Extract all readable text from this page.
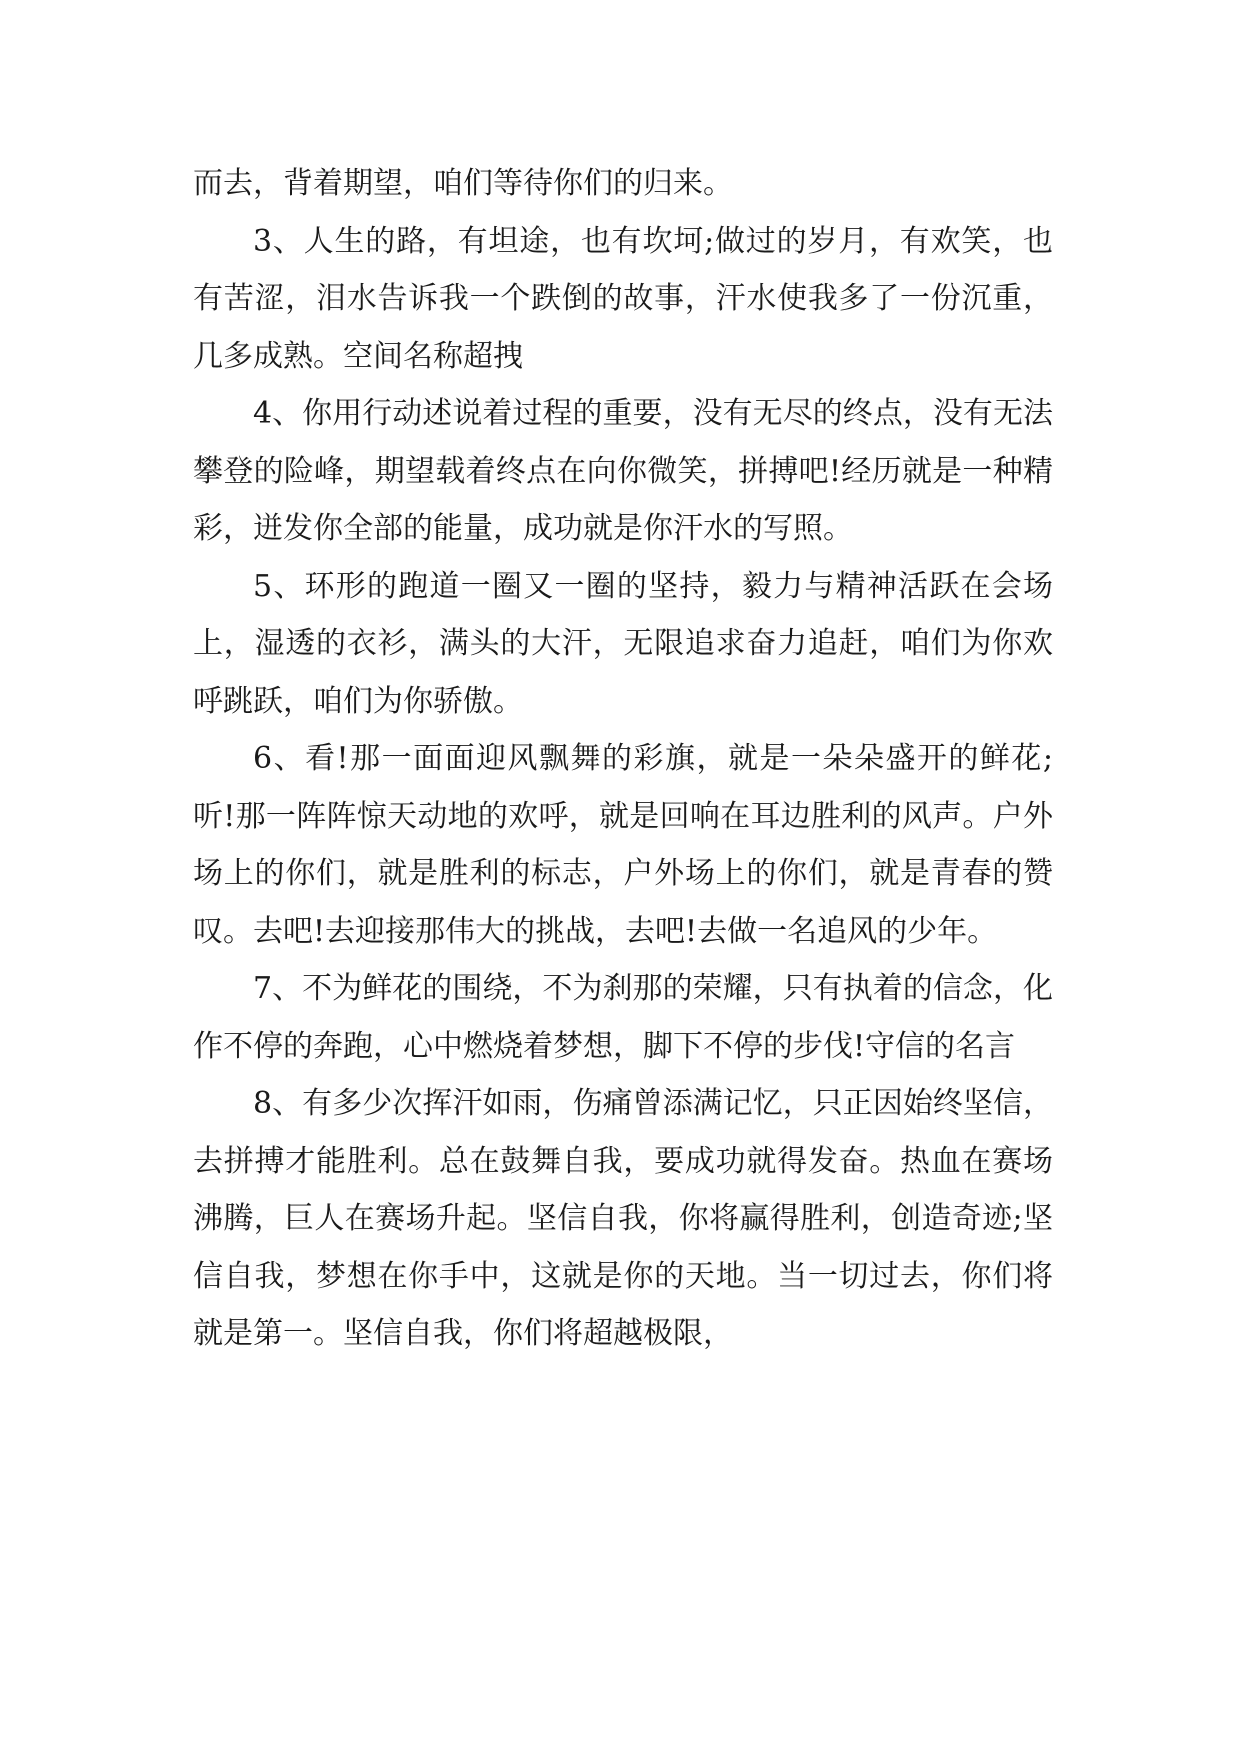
而去，背着期望，咱们等待你们的归来。

3、人生的路，有坦途，也有坎坷;做过的岁月，有欢笑，也有苦涩，泪水告诉我一个跌倒的故事，汗水使我多了一份沉重，几多成熟。空间名称超拽

4、你用行动述说着过程的重要，没有无尽的终点，没有无法攀登的险峰，期望载着终点在向你微笑，拼搏吧!经历就是一种精彩，迸发你全部的能量，成功就是你汗水的写照。

5、环形的跑道一圈又一圈的坚持，毅力与精神活跃在会场上，湿透的衣衫，满头的大汗，无限追求奋力追赶，咱们为你欢呼跳跃，咱们为你骄傲。

6、看!那一面面迎风飘舞的彩旗，就是一朵朵盛开的鲜花;听!那一阵阵惊天动地的欢呼，就是回响在耳边胜利的风声。户外场上的你们，就是胜利的标志，户外场上的你们，就是青春的赞叹。去吧!去迎接那伟大的挑战，去吧!去做一名追风的少年。

7、不为鲜花的围绕，不为刹那的荣耀，只有执着的信念，化作不停的奔跑，心中燃烧着梦想，脚下不停的步伐!守信的名言

8、有多少次挥汗如雨，伤痛曾添满记忆，只正因始终坚信，去拼搏才能胜利。总在鼓舞自我，要成功就得发奋。热血在赛场沸腾，巨人在赛场升起。坚信自我，你将赢得胜利，创造奇迹;坚信自我，梦想在你手中，这就是你的天地。当一切过去，你们将就是第一。坚信自我，你们将超越极限，
